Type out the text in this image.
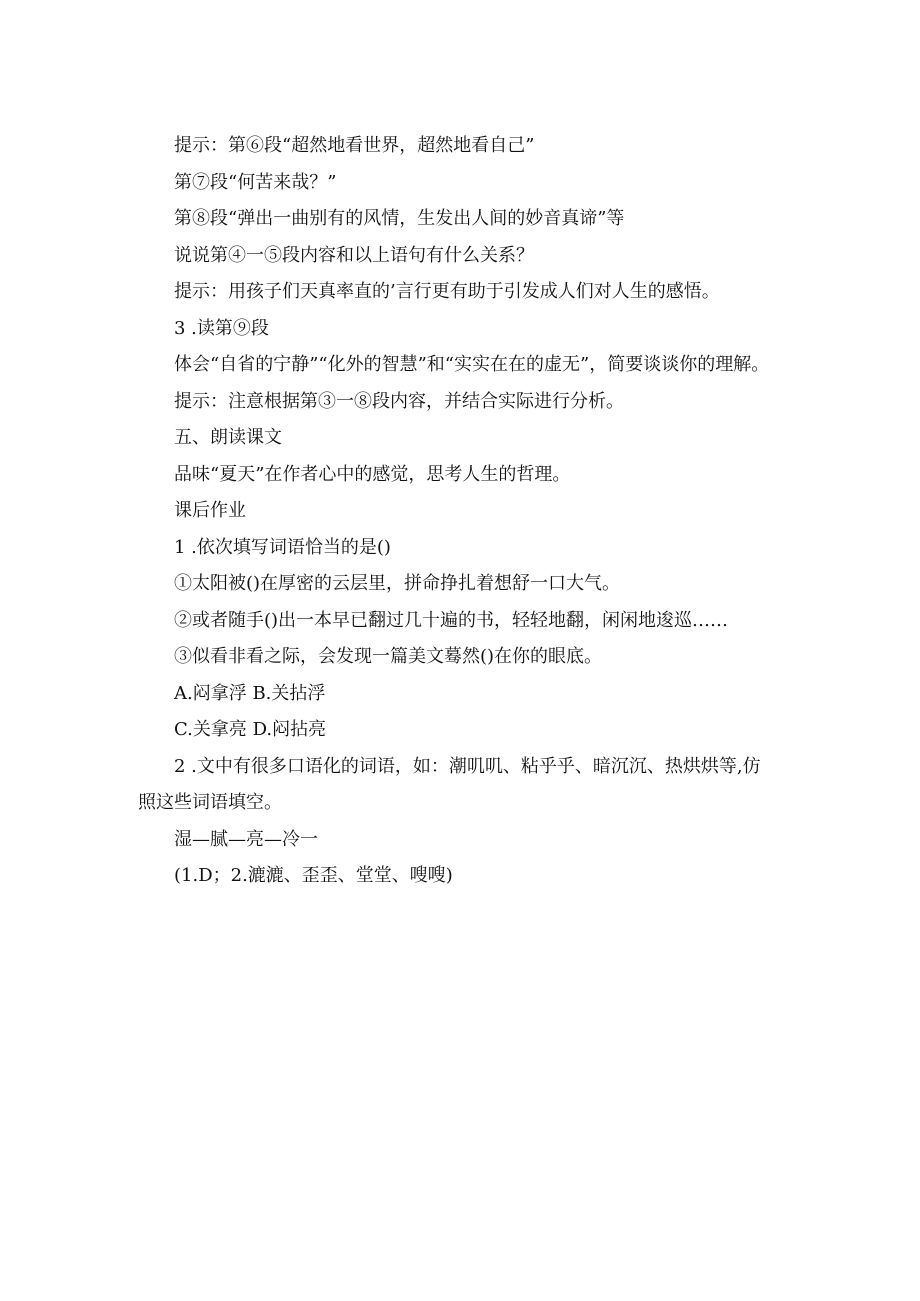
提示：第⑥段“超然地看世界，超然地看自己”
第⑦段“何苦来哉？”
第⑧段“弹出一曲别有的风情，生发出人间的妙音真谛”等
说说第④一⑤段内容和以上语句有什么关系？
提示：用孩子们天真率直的’言行更有助于引发成人们对人生的感悟。
3 .读第⑨段
体会“自省的宁静”“化外的智慧”和“实实在在的虚无”，简要谈谈你的理解。
提示：注意根据第③一⑧段内容，并结合实际进行分析。
五、朗读课文
品味“夏天”在作者心中的感觉，思考人生的哲理。
课后作业
1 .依次填写词语恰当的是()
①太阳被()在厚密的云层里，拼命挣扎着想舒一口大气。
②或者随手()出一本早已翻过几十遍的书，轻轻地翻，闲闲地逡巡……
③似看非看之际，会发现一篇美文蓦然()在你的眼底。
A.闷拿浮 B.关拈浮
C.关拿亮 D.闷拈亮
2 .文中有很多口语化的词语，如：潮叽叽、粘乎乎、暗沉沉、热烘烘等,仿照这些词语填空。
湿—腻—亮—冷一
(1.D；2.漉漉、歪歪、堂堂、嗖嗖)
